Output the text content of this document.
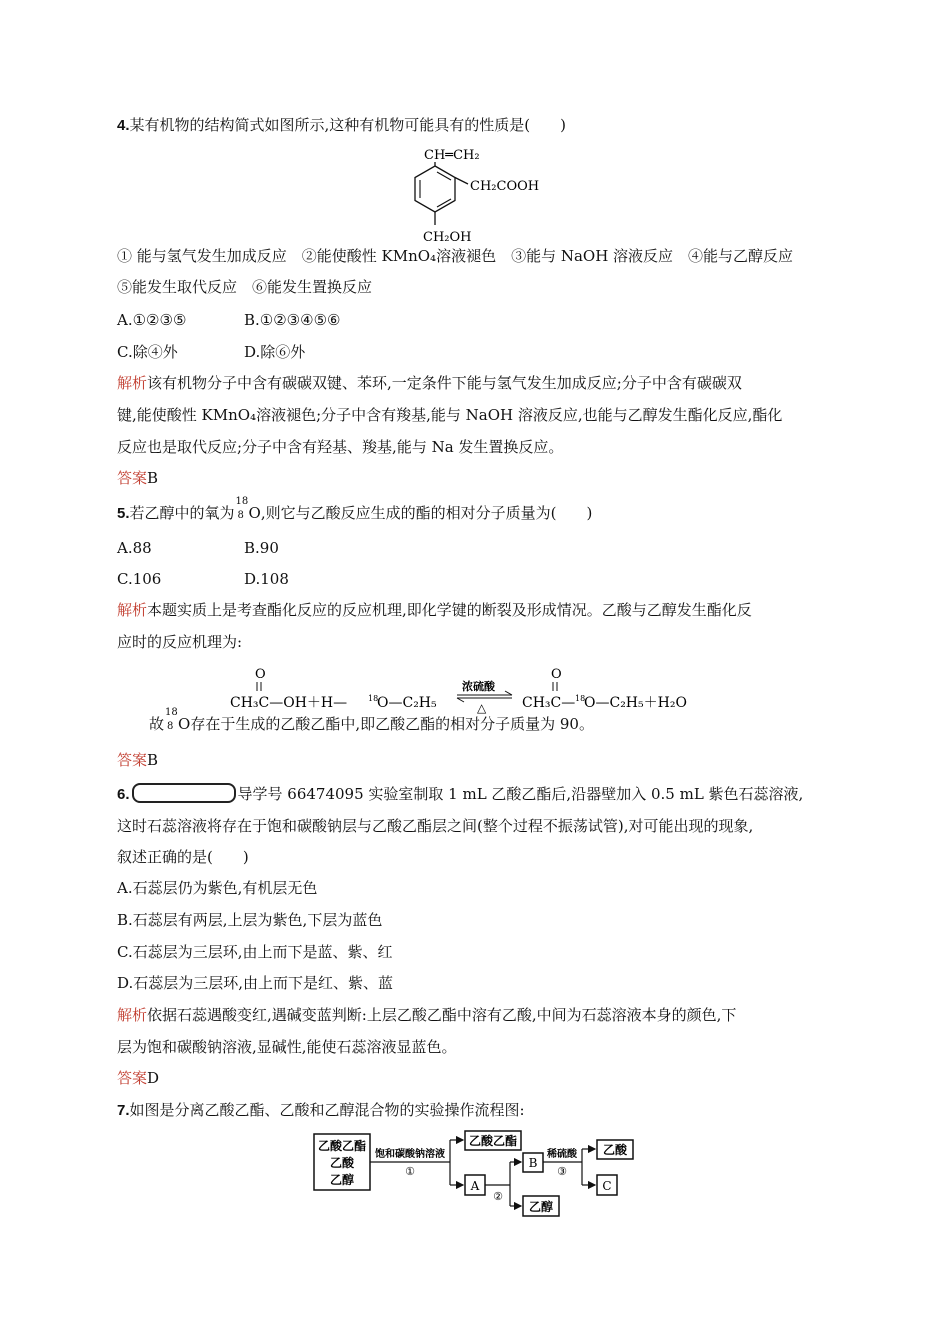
4.某有机物的结构简式如图所示,这种有机物可能具有的性质是(　　)
CH═CH₂
CH₂COOH
CH₂OH
① 能与氢气发生加成反应　②能使酸性 KMnO₄溶液褪色　③能与 NaOH 溶液反应　④能与乙醇反应
⑤能发生取代反应　⑥能发生置换反应
A.①②③⑤	B.①②③④⑤⑥
C.除④外	D.除⑥外
解析该有机物分子中含有碳碳双键、苯环,一定条件下能与氢气发生加成反应;分子中含有碳碳双
键,能使酸性 KMnO₄溶液褪色;分子中含有羧基,能与 NaOH 溶液反应,也能与乙醇发生酯化反应,酯化
反应也是取代反应;分子中含有羟基、羧基,能与 Na 发生置换反应。
答案B
5.若乙醇中的氧为
18
8 O,则它与乙酸反应生成的酯的相对分子质量为(　　)
A.88	B.90
C.106	D.108
解析本题实质上是考查酯化反应的反应机理,即化学键的断裂及形成情况。乙酸与乙醇发生酯化反
应时的反应机理为:
O
CH₃C—OH＋H—	18
O—C₂H₅
浓硫酸
△
O
CH₃C— 18
O—C₂H₅＋H₂O
故
18
8 O存在于生成的乙酸乙酯中,即乙酸乙酯的相对分子质量为 90。
答案B
6.	导学号 66474095 实验室制取 1 mL 乙酸乙酯后,沿器壁加入 0.5 mL 紫色石蕊溶液,
这时石蕊溶液将存在于饱和碳酸钠层与乙酸乙酯层之间(整个过程不振荡试管),对可能出现的现象,
叙述正确的是(　　)
A.石蕊层仍为紫色,有机层无色
B.石蕊层有两层,上层为紫色,下层为蓝色
C.石蕊层为三层环,由上而下是蓝、紫、红
D.石蕊层为三层环,由上而下是红、紫、蓝
解析依据石蕊遇酸变红,遇碱变蓝判断:上层乙酸乙酯中溶有乙酸,中间为石蕊溶液本身的颜色,下
层为饱和碳酸钠溶液,显碱性,能使石蕊溶液显蓝色。
答案D
7.如图是分离乙酸乙酯、乙酸和乙醇混合物的实验操作流程图:
乙酸乙酯
乙酸
乙醇
饱和碳酸钠溶液
①
乙酸乙酯
A
②
B
乙醇
稀硫酸
③
乙酸
C
